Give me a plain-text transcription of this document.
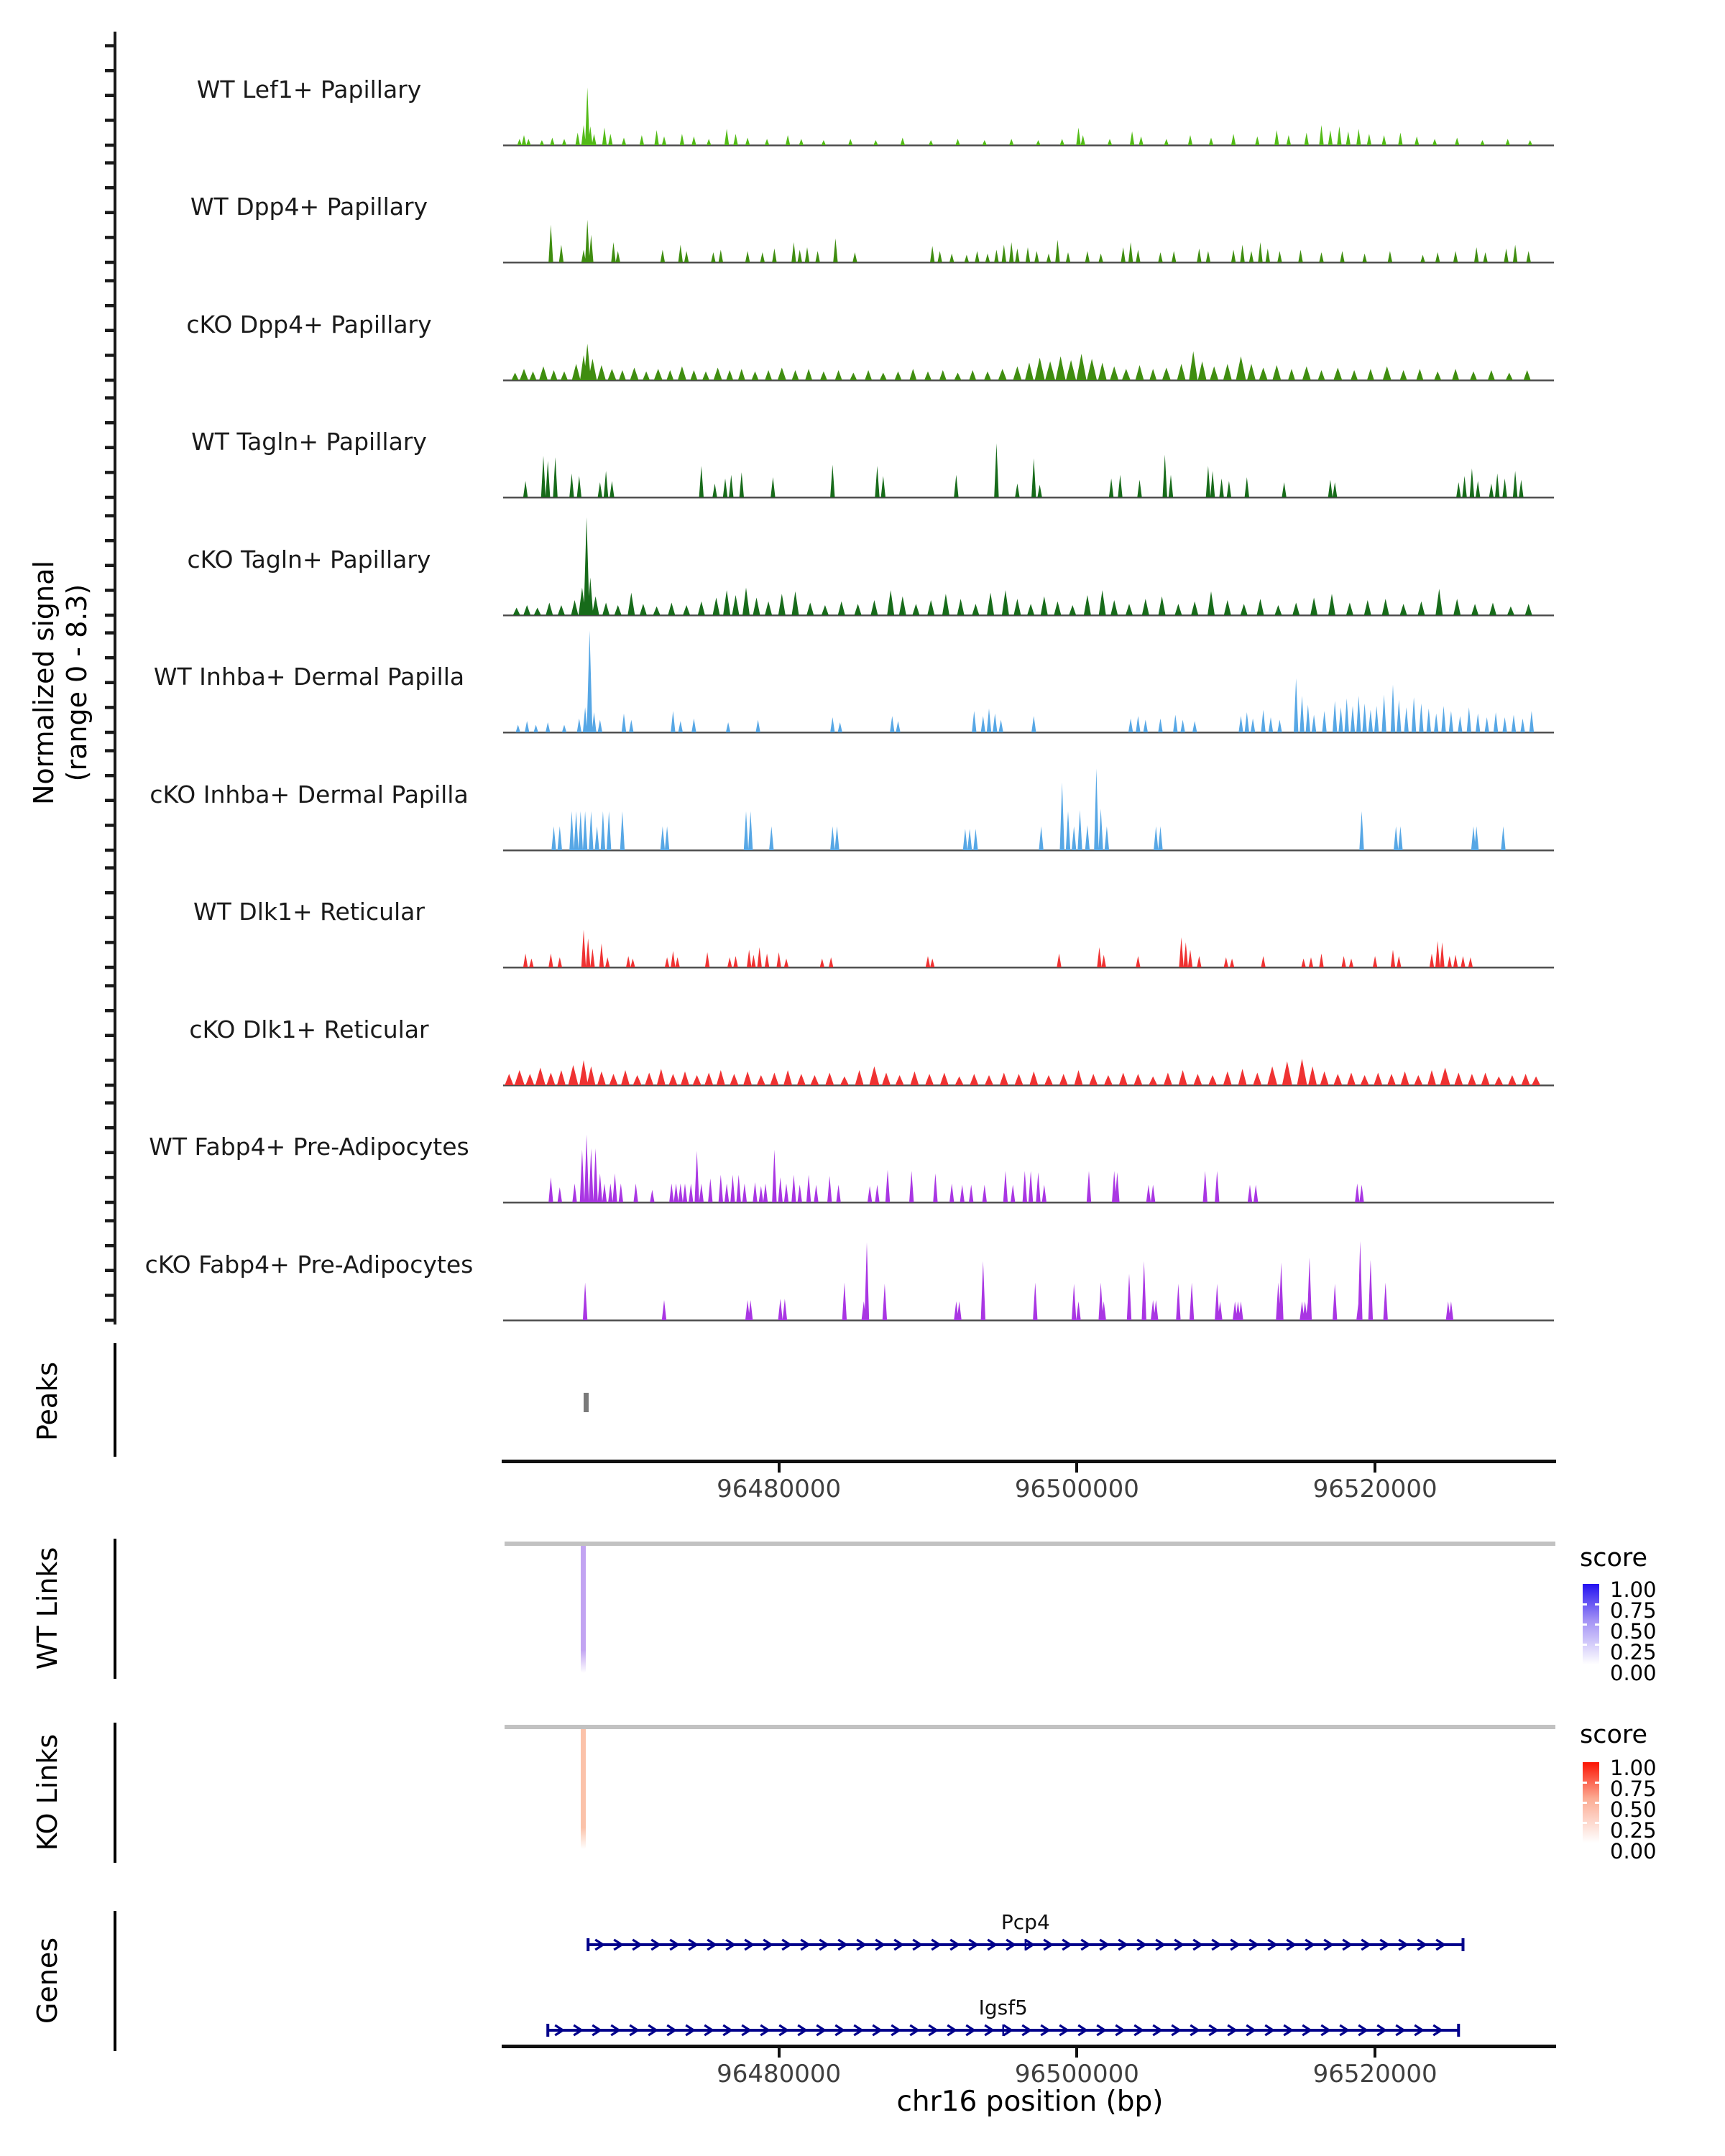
Normalized signal (range 0 - 8.3)
Peaks
WT Links
KO Links
Genes
WT Lef1+ Papillary
WT Dpp4+ Papillary
cKO Dpp4+ Papillary
WT Tagln+ Papillary
cKO Tagln+ Papillary
WT Inhba+ Dermal Papilla
cKO Inhba+ Dermal Papilla
WT Dlk1+ Reticular
cKO Dlk1+ Reticular
WT Fabp4+ Pre-Adipocytes
cKO Fabp4+ Pre-Adipocytes
96480000	96500000	96520000
96480000	96500000	96520000
chr16 position (bp)
score
1.00
0.75
0.50
0.25
0.00
score
1.00
0.75
0.50
0.25
0.00
Pcp4
Igsf5
